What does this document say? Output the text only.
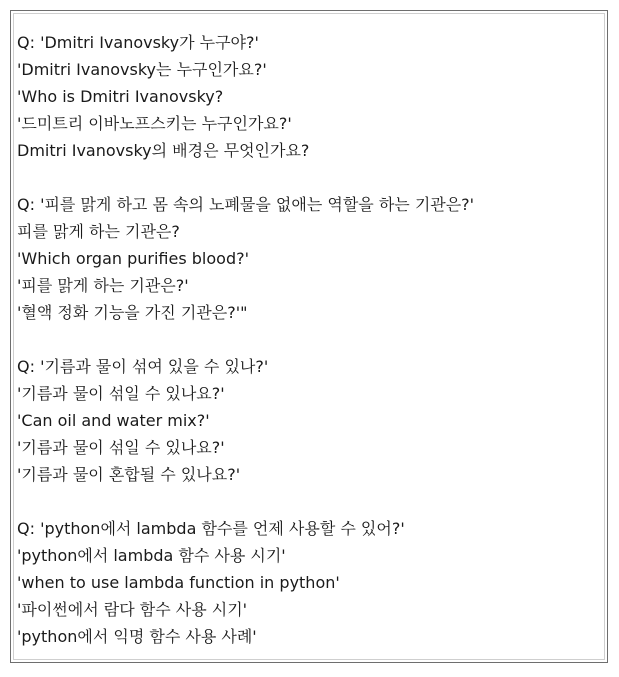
Q: 'Dmitri Ivanovsky가 누구야?'
'Dmitri Ivanovsky는 누구인가요?'
'Who is Dmitri Ivanovsky?
'드미트리 이바노프스키는 누구인가요?'
Dmitri Ivanovsky의 배경은 무엇인가요?
Q: '피를 맑게 하고 몸 속의 노폐물을 없애는 역할을 하는 기관은?'
피를 맑게 하는 기관은?
'Which organ purifies blood?'
'피를 맑게 하는 기관은?'
'혈액 정화 기능을 가진 기관은?'"
Q: '기름과 물이 섞여 있을 수 있나?'
'기름과 물이 섞일 수 있나요?'
'Can oil and water mix?'
'기름과 물이 섞일 수 있나요?'
'기름과 물이 혼합될 수 있나요?'
Q: 'python에서 lambda 함수를 언제 사용할 수 있어?'
'python에서 lambda 함수 사용 시기'
'when to use lambda function in python'
'파이썬에서 람다 함수 사용 시기'
'python에서 익명 함수 사용 사례'
